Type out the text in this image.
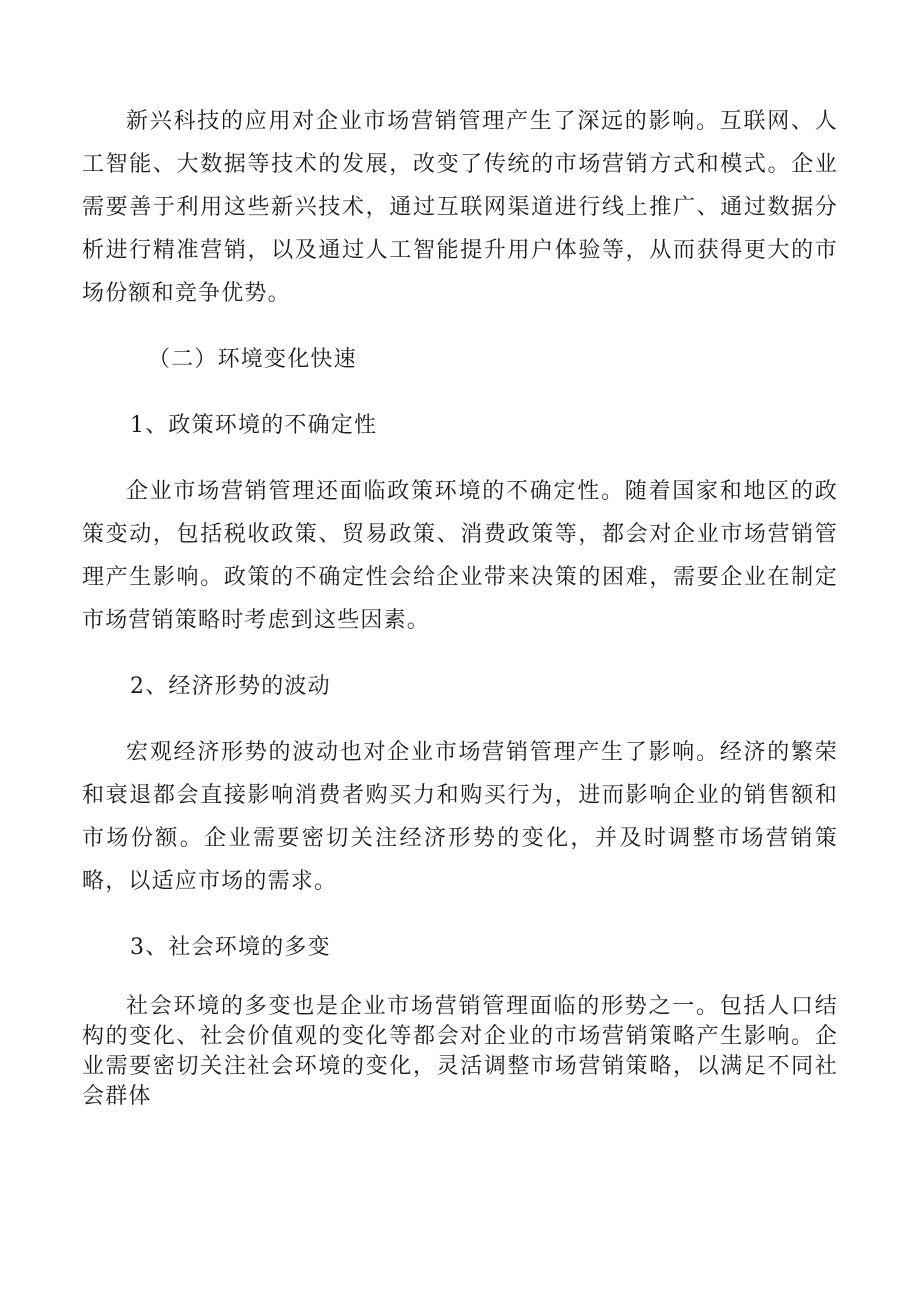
新兴科技的应用对企业市场营销管理产生了深远的影响。互联网、人工智能、大数据等技术的发展，改变了传统的市场营销方式和模式。企业需要善于利用这些新兴技术，通过互联网渠道进行线上推广、通过数据分析进行精准营销，以及通过人工智能提升用户体验等，从而获得更大的市场份额和竞争优势。

（二）环境变化快速

1、政策环境的不确定性

企业市场营销管理还面临政策环境的不确定性。随着国家和地区的政策变动，包括税收政策、贸易政策、消费政策等，都会对企业市场营销管理产生影响。政策的不确定性会给企业带来决策的困难，需要企业在制定市场营销策略时考虑到这些因素。

2、经济形势的波动

宏观经济形势的波动也对企业市场营销管理产生了影响。经济的繁荣和衰退都会直接影响消费者购买力和购买行为，进而影响企业的销售额和市场份额。企业需要密切关注经济形势的变化，并及时调整市场营销策略，以适应市场的需求。

3、社会环境的多变

社会环境的多变也是企业市场营销管理面临的形势之一。包括人口结构的变化、社会价值观的变化等都会对企业的市场营销策略产生影响。企业需要密切关注社会环境的变化，灵活调整市场营销策略，以满足不同社会群体
